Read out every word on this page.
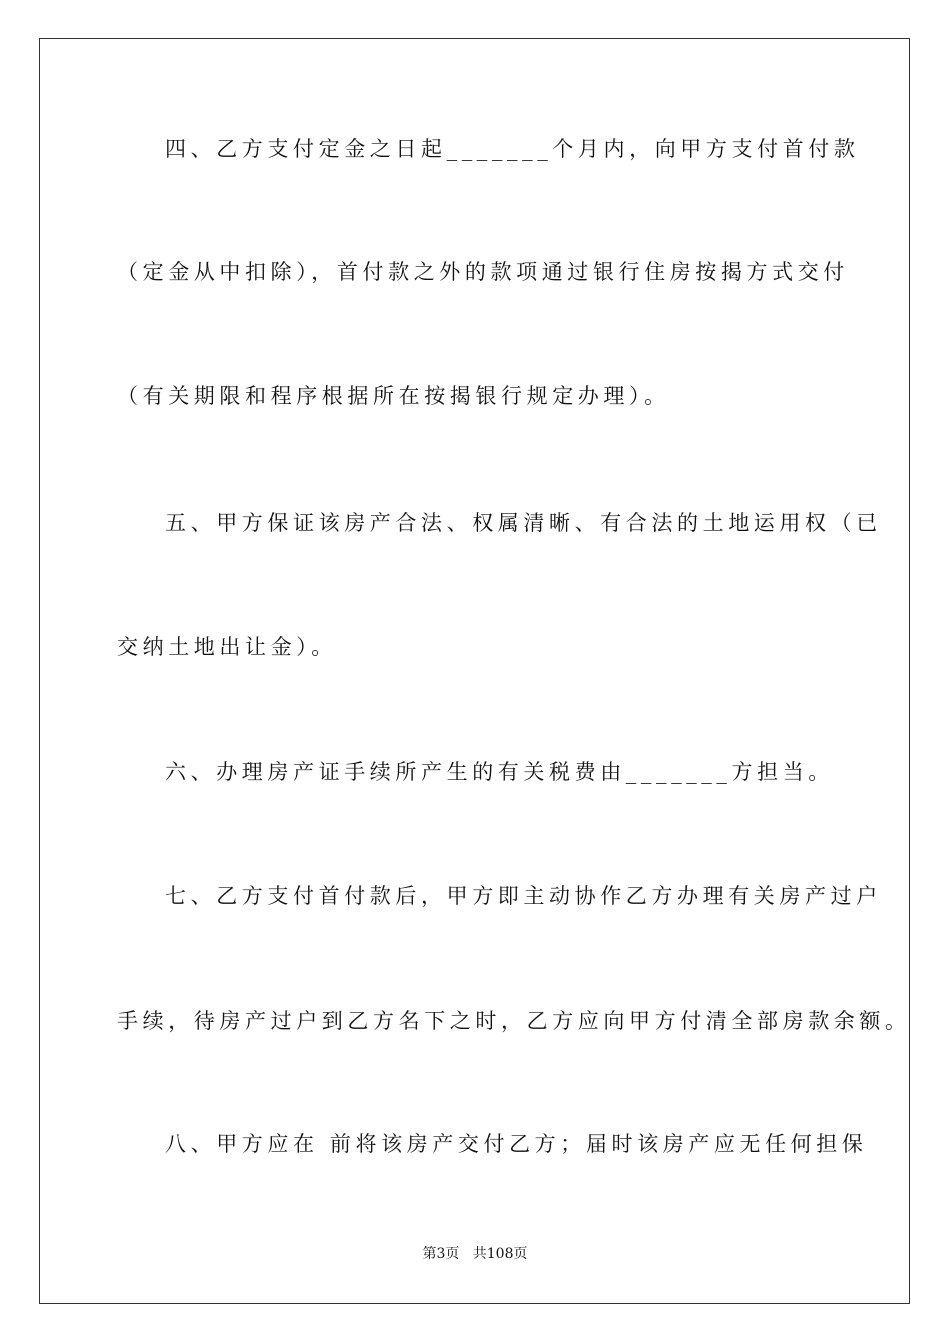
四、乙方支付定金之日起_______个月内，向甲方支付首付款
（定金从中扣除），首付款之外的款项通过银行住房按揭方式交付
（有关期限和程序根据所在按揭银行规定办理）。
五、甲方保证该房产合法、权属清晰、有合法的土地运用权（已
交纳土地出让金）。
六、办理房产证手续所产生的有关税费由_______方担当。
七、乙方支付首付款后，甲方即主动协作乙方办理有关房产过户
手续，待房产过户到乙方名下之时，乙方应向甲方付清全部房款余额。
八、甲方应在 前将该房产交付乙方；届时该房产应无任何担保
第3页   共108页
